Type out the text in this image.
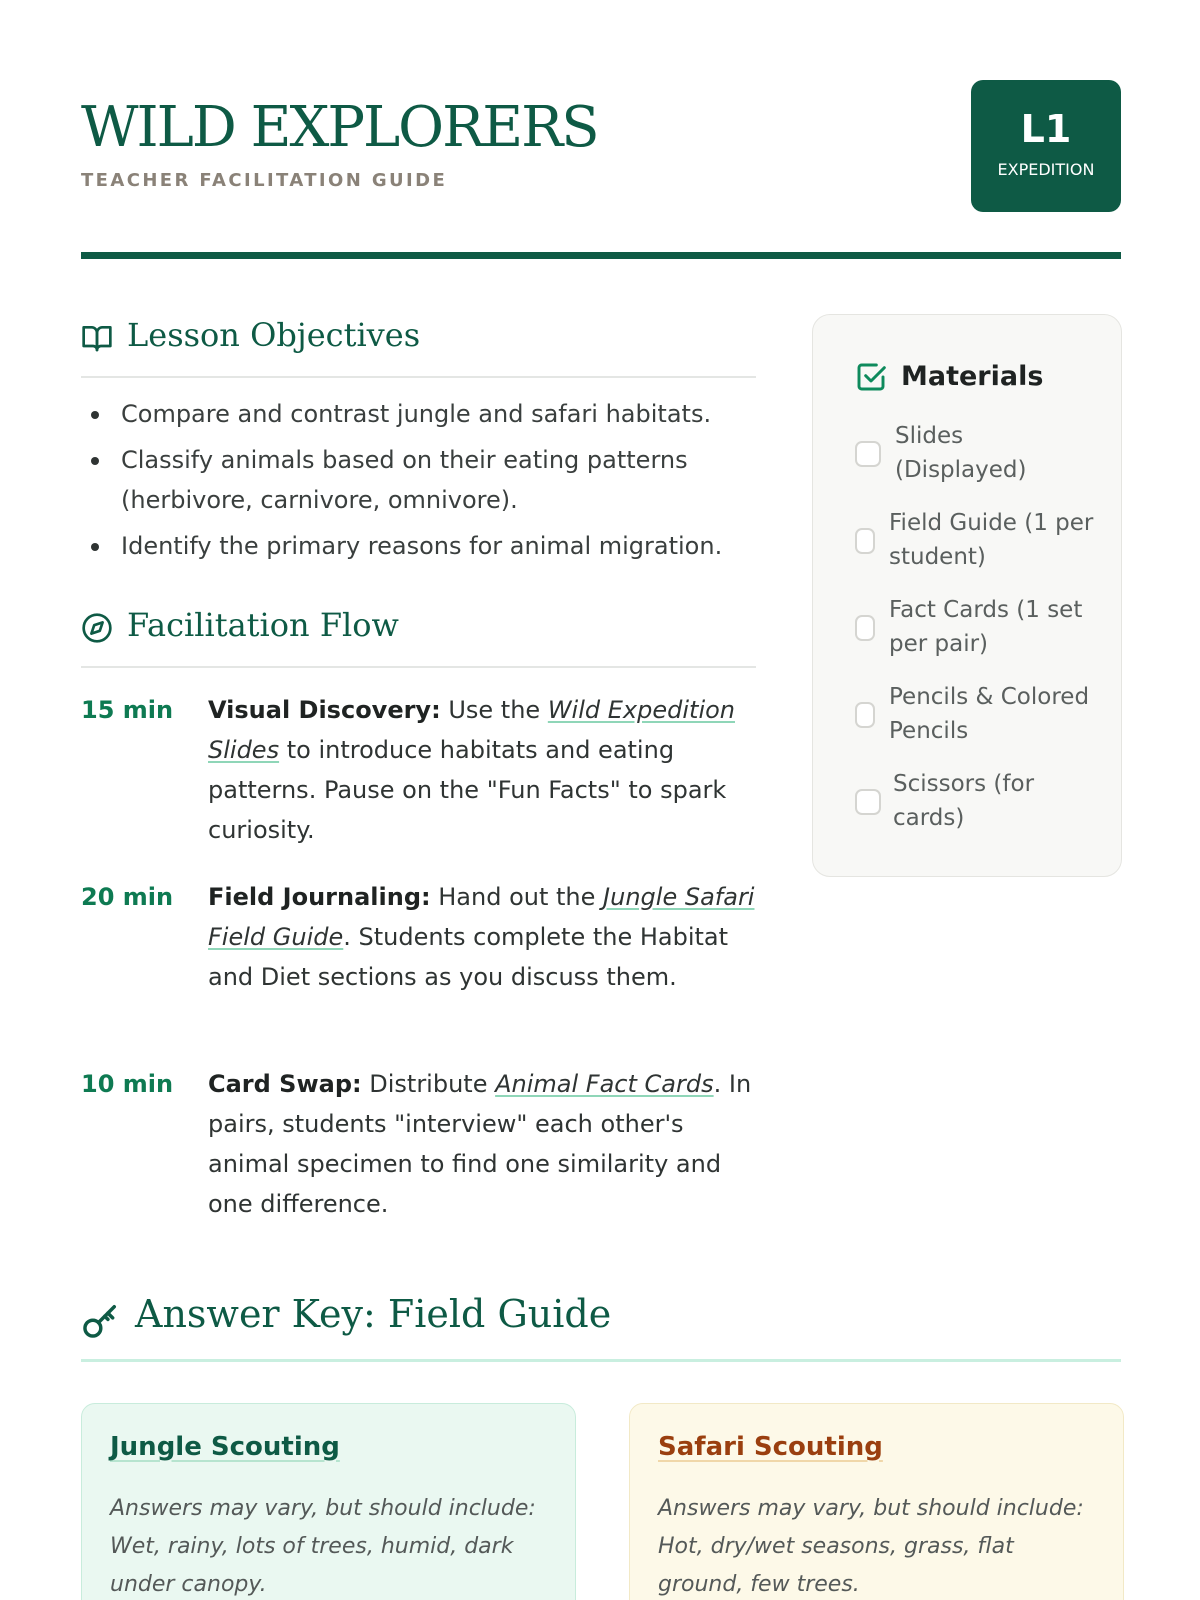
WILD EXPLORERS
TEACHER FACILITATION GUIDE
L1
EXPEDITION
Lesson Objectives
Compare and contrast jungle and safari habitats.
Classify animals based on their eating patterns (herbivore, carnivore, omnivore).
Identify the primary reasons for animal migration.
Facilitation Flow
15 min Visual Discovery: Use the Wild Expedition Slides to introduce habitats and eating patterns. Pause on the "Fun Facts" to spark curiosity.

20 min Field Journaling: Hand out the Jungle Safari Field Guide. Students complete the Habitat and Diet sections as you discuss them.

10 min Card Swap: Distribute Animal Fact Cards. In pairs, students "interview" each other's animal specimen to find one similarity and one difference.

Materials
Slides (Displayed)
Field Guide (1 per student)
Fact Cards (1 set per pair)
Pencils & Colored Pencils
Scissors (for cards)
Answer Key: Field Guide
Jungle Scouting

Answers may vary, but should include: Wet, rainy, lots of trees, humid, dark under canopy.

Safari Scouting

Answers may vary, but should include: Hot, dry/wet seasons, grass, flat ground, few trees.
